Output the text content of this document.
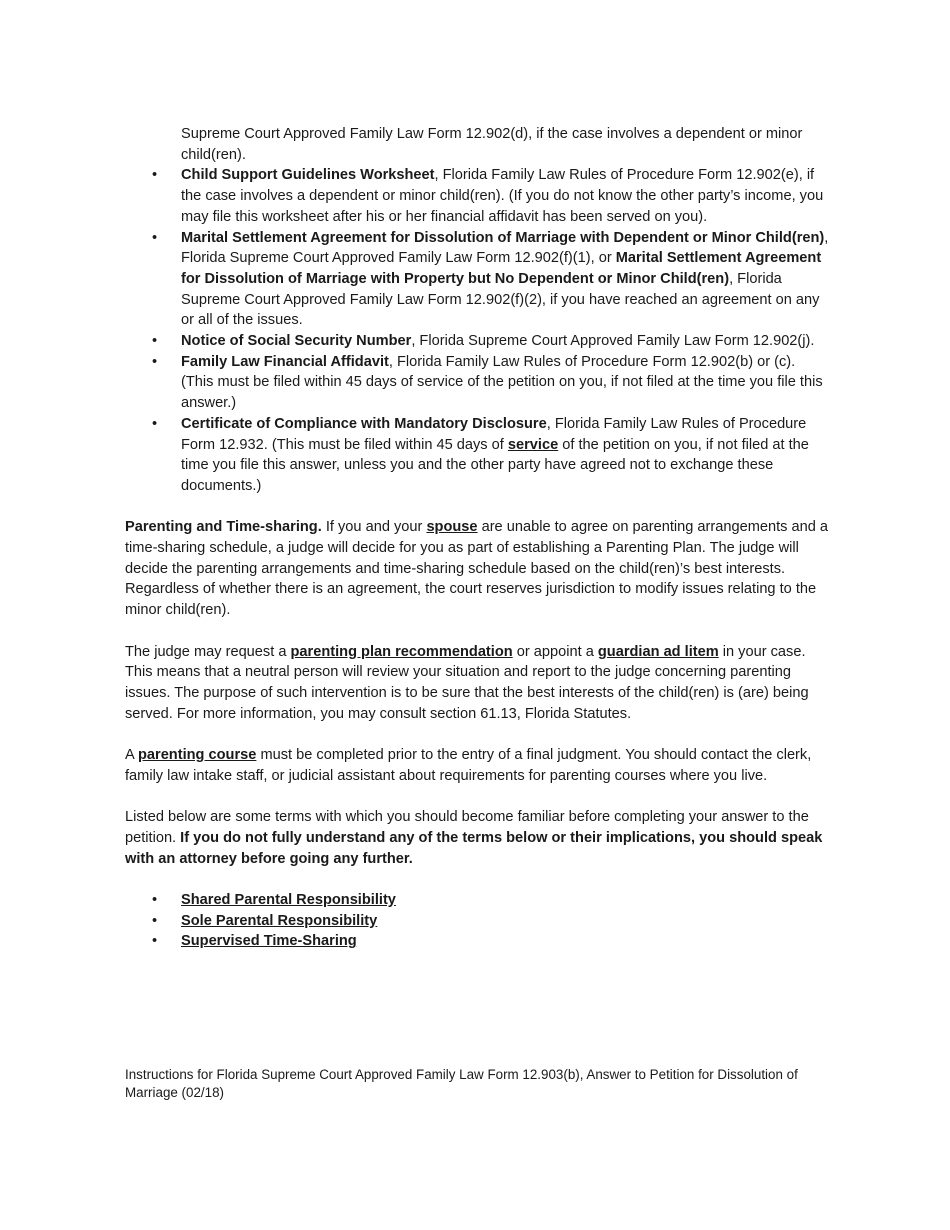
Supreme Court Approved Family Law Form 12.902(d), if the case involves a dependent or minor child(ren).

• Child Support Guidelines Worksheet, Florida Family Law Rules of Procedure Form 12.902(e), if the case involves a dependent or minor child(ren). (If you do not know the other party’s income, you may file this worksheet after his or her financial affidavit has been served on you).
• Marital Settlement Agreement for Dissolution of Marriage with Dependent or Minor Child(ren), Florida Supreme Court Approved Family Law Form 12.902(f)(1), or Marital Settlement Agreement for Dissolution of Marriage with Property but No Dependent or Minor Child(ren), Florida Supreme Court Approved Family Law Form 12.902(f)(2), if you have reached an agreement on any or all of the issues.
• Notice of Social Security Number, Florida Supreme Court Approved Family Law Form 12.902(j).
• Family Law Financial Affidavit, Florida Family Law Rules of Procedure Form 12.902(b) or (c). (This must be filed within 45 days of service of the petition on you, if not filed at the time you file this answer.)
• Certificate of Compliance with Mandatory Disclosure, Florida Family Law Rules of Procedure Form 12.932. (This must be filed within 45 days of service of the petition on you, if not filed at the time you file this answer, unless you and the other party have agreed not to exchange these documents.)

Parenting and Time-sharing. If you and your spouse are unable to agree on parenting arrangements and a time-sharing schedule, a judge will decide for you as part of establishing a Parenting Plan. The judge will decide the parenting arrangements and time-sharing schedule based on the child(ren)’s best interests. Regardless of whether there is an agreement, the court reserves jurisdiction to modify issues relating to the minor child(ren).

The judge may request a parenting plan recommendation or appoint a guardian ad litem in your case. This means that a neutral person will review your situation and report to the judge concerning parenting issues. The purpose of such intervention is to be sure that the best interests of the child(ren) is (are) being served. For more information, you may consult section 61.13, Florida Statutes.

A parenting course must be completed prior to the entry of a final judgment. You should contact the clerk, family law intake staff, or judicial assistant about requirements for parenting courses where you live.

Listed below are some terms with which you should become familiar before completing your answer to the petition. If you do not fully understand any of the terms below or their implications, you should speak with an attorney before going any further.

• Shared Parental Responsibility
• Sole Parental Responsibility
• Supervised Time-Sharing
Instructions for Florida Supreme Court Approved Family Law Form 12.903(b), Answer to Petition for Dissolution of Marriage (02/18)
